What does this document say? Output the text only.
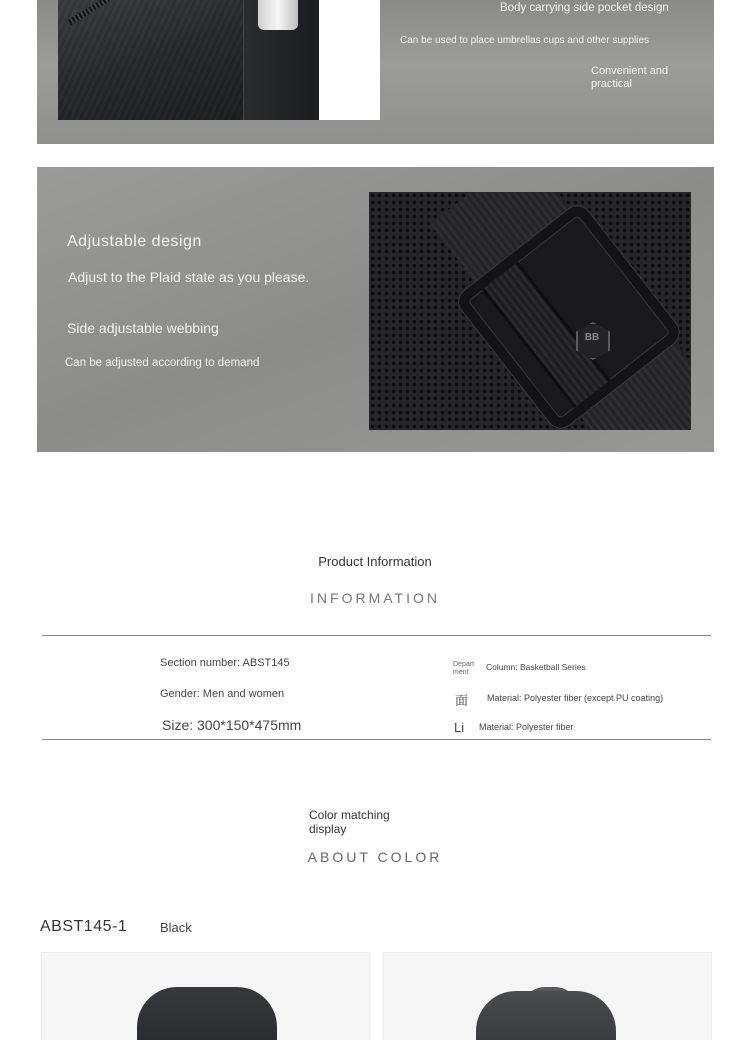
Body carrying side pocket design
Can be used to place umbrellas cups and other supplies
Convenient and practical
Adjustable design
Adjust to the Plaid state as you please.
Side adjustable webbing
Can be adjusted according to demand
BB
Product Information
INFORMATION
Section number: ABST145
Gender: Men and women
Size: 300*150*475mm
Depart ment
Column: Basketball Series
面 Material: Polyester fiber (except PU coating)
Li Material: Polyester fiber
Color matching display
ABOUT COLOR
ABST145-1	Black
